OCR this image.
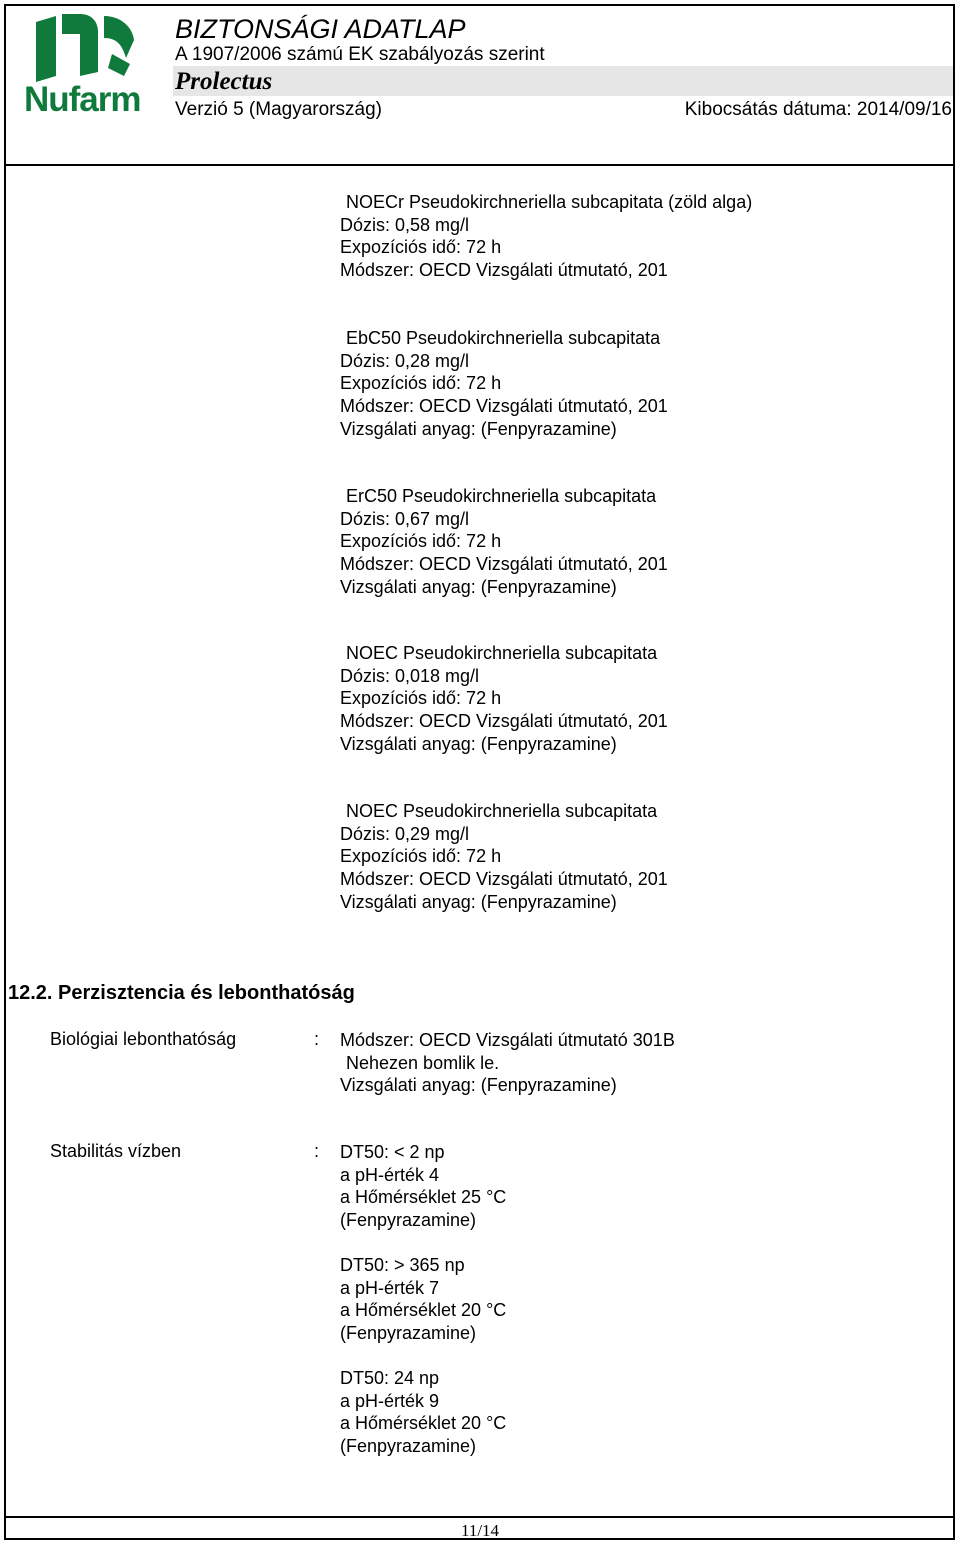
Nufarm
BIZTONSÁGI ADATLAP
A 1907/2006 számú EK szabályozás szerint
Prolectus
Verzió 5 (Magyarország)	Kibocsátás dátuma: 2014/09/16
NOECr Pseudokirchneriella subcapitata (zöld alga)
Dózis: 0,58 mg/l
Expozíciós idő: 72 h
Módszer: OECD Vizsgálati útmutató, 201
EbC50 Pseudokirchneriella subcapitata
Dózis: 0,28 mg/l
Expozíciós idő: 72 h
Módszer: OECD Vizsgálati útmutató, 201
Vizsgálati anyag: (Fenpyrazamine)
ErC50 Pseudokirchneriella subcapitata
Dózis: 0,67 mg/l
Expozíciós idő: 72 h
Módszer: OECD Vizsgálati útmutató, 201
Vizsgálati anyag: (Fenpyrazamine)
NOEC Pseudokirchneriella subcapitata
Dózis: 0,018 mg/l
Expozíciós idő: 72 h
Módszer: OECD Vizsgálati útmutató, 201
Vizsgálati anyag: (Fenpyrazamine)
NOEC Pseudokirchneriella subcapitata
Dózis: 0,29 mg/l
Expozíciós idő: 72 h
Módszer: OECD Vizsgálati útmutató, 201
Vizsgálati anyag: (Fenpyrazamine)
12.2. Perzisztencia és lebonthatóság
Biológiai lebonthatóság	: Módszer: OECD Vizsgálati útmutató 301B
Nehezen bomlik le.
Vizsgálati anyag: (Fenpyrazamine)
Stabilitás vízben	: DT50: < 2 np
a pH-érték 4
a Hőmérséklet 25 °C
(Fenpyrazamine)
DT50: > 365 np
a pH-érték 7
a Hőmérséklet 20 °C
(Fenpyrazamine)
DT50: 24 np
a pH-érték 9
a Hőmérséklet 20 °C
(Fenpyrazamine)
11/14
